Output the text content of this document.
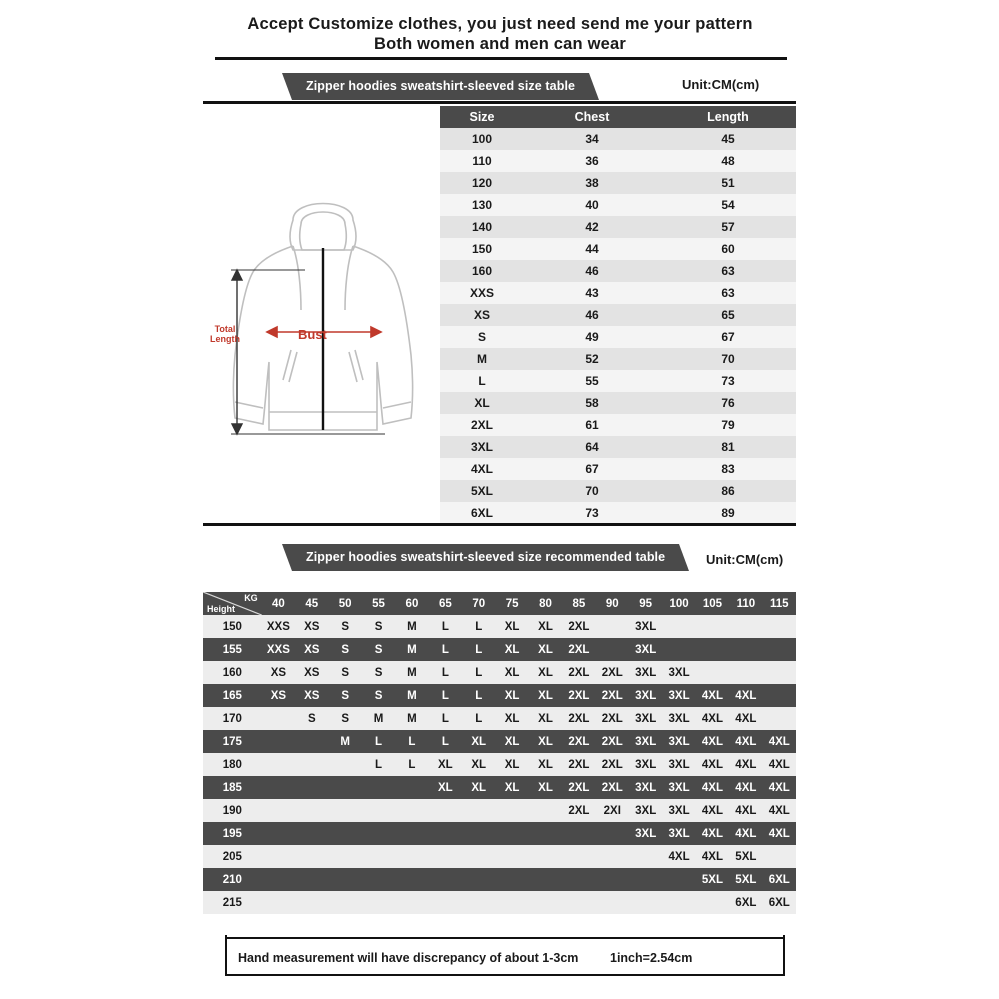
Accept Customize clothes, you just need send me your pattern
Both women and men can wear
Zipper hoodies sweatshirt-sleeved size table	Unit:CM(cm)
Total
Length	Bust
Size	Chest	Length
100	34	45
110	36	48
120	38	51
130	40	54
140	42	57
150	44	60
160	46	63
XXS	43	63
XS	46	65
S	49	67
M	52	70
L	55	73
XL	58	76
2XL	61	79
3XL	64	81
4XL	67	83
5XL	70	86
6XL	73	89
Zipper hoodies sweatshirt-sleeved size recommended table	Unit:CM(cm)
KG
Height	40	45	50	55	60	65	70	75	80	85	90	95	100	105	110	115
150	XXS	XS	S	S	M	L	L	XL	XL	2XL		3XL				
155	XXS	XS	S	S	M	L	L	XL	XL	2XL		3XL				
160	XS	XS	S	S	M	L	L	XL	XL	2XL	2XL	3XL	3XL			
165	XS	XS	S	S	M	L	L	XL	XL	2XL	2XL	3XL	3XL	4XL	4XL	
170		S	S	M	M	L	L	XL	XL	2XL	2XL	3XL	3XL	4XL	4XL	
175			M	L	L	L	XL	XL	XL	2XL	2XL	3XL	3XL	4XL	4XL	4XL
180				L	L	XL	XL	XL	XL	2XL	2XL	3XL	3XL	4XL	4XL	4XL
185						XL	XL	XL	XL	2XL	2XL	3XL	3XL	4XL	4XL	4XL
190										2XL	2XI	3XL	3XL	4XL	4XL	4XL
195												3XL	3XL	4XL	4XL	4XL
205													4XL	4XL	5XL	
210														5XL	5XL	6XL
215															6XL	6XL
Hand measurement will have discrepancy of about 1-3cm	1inch=2.54cm
